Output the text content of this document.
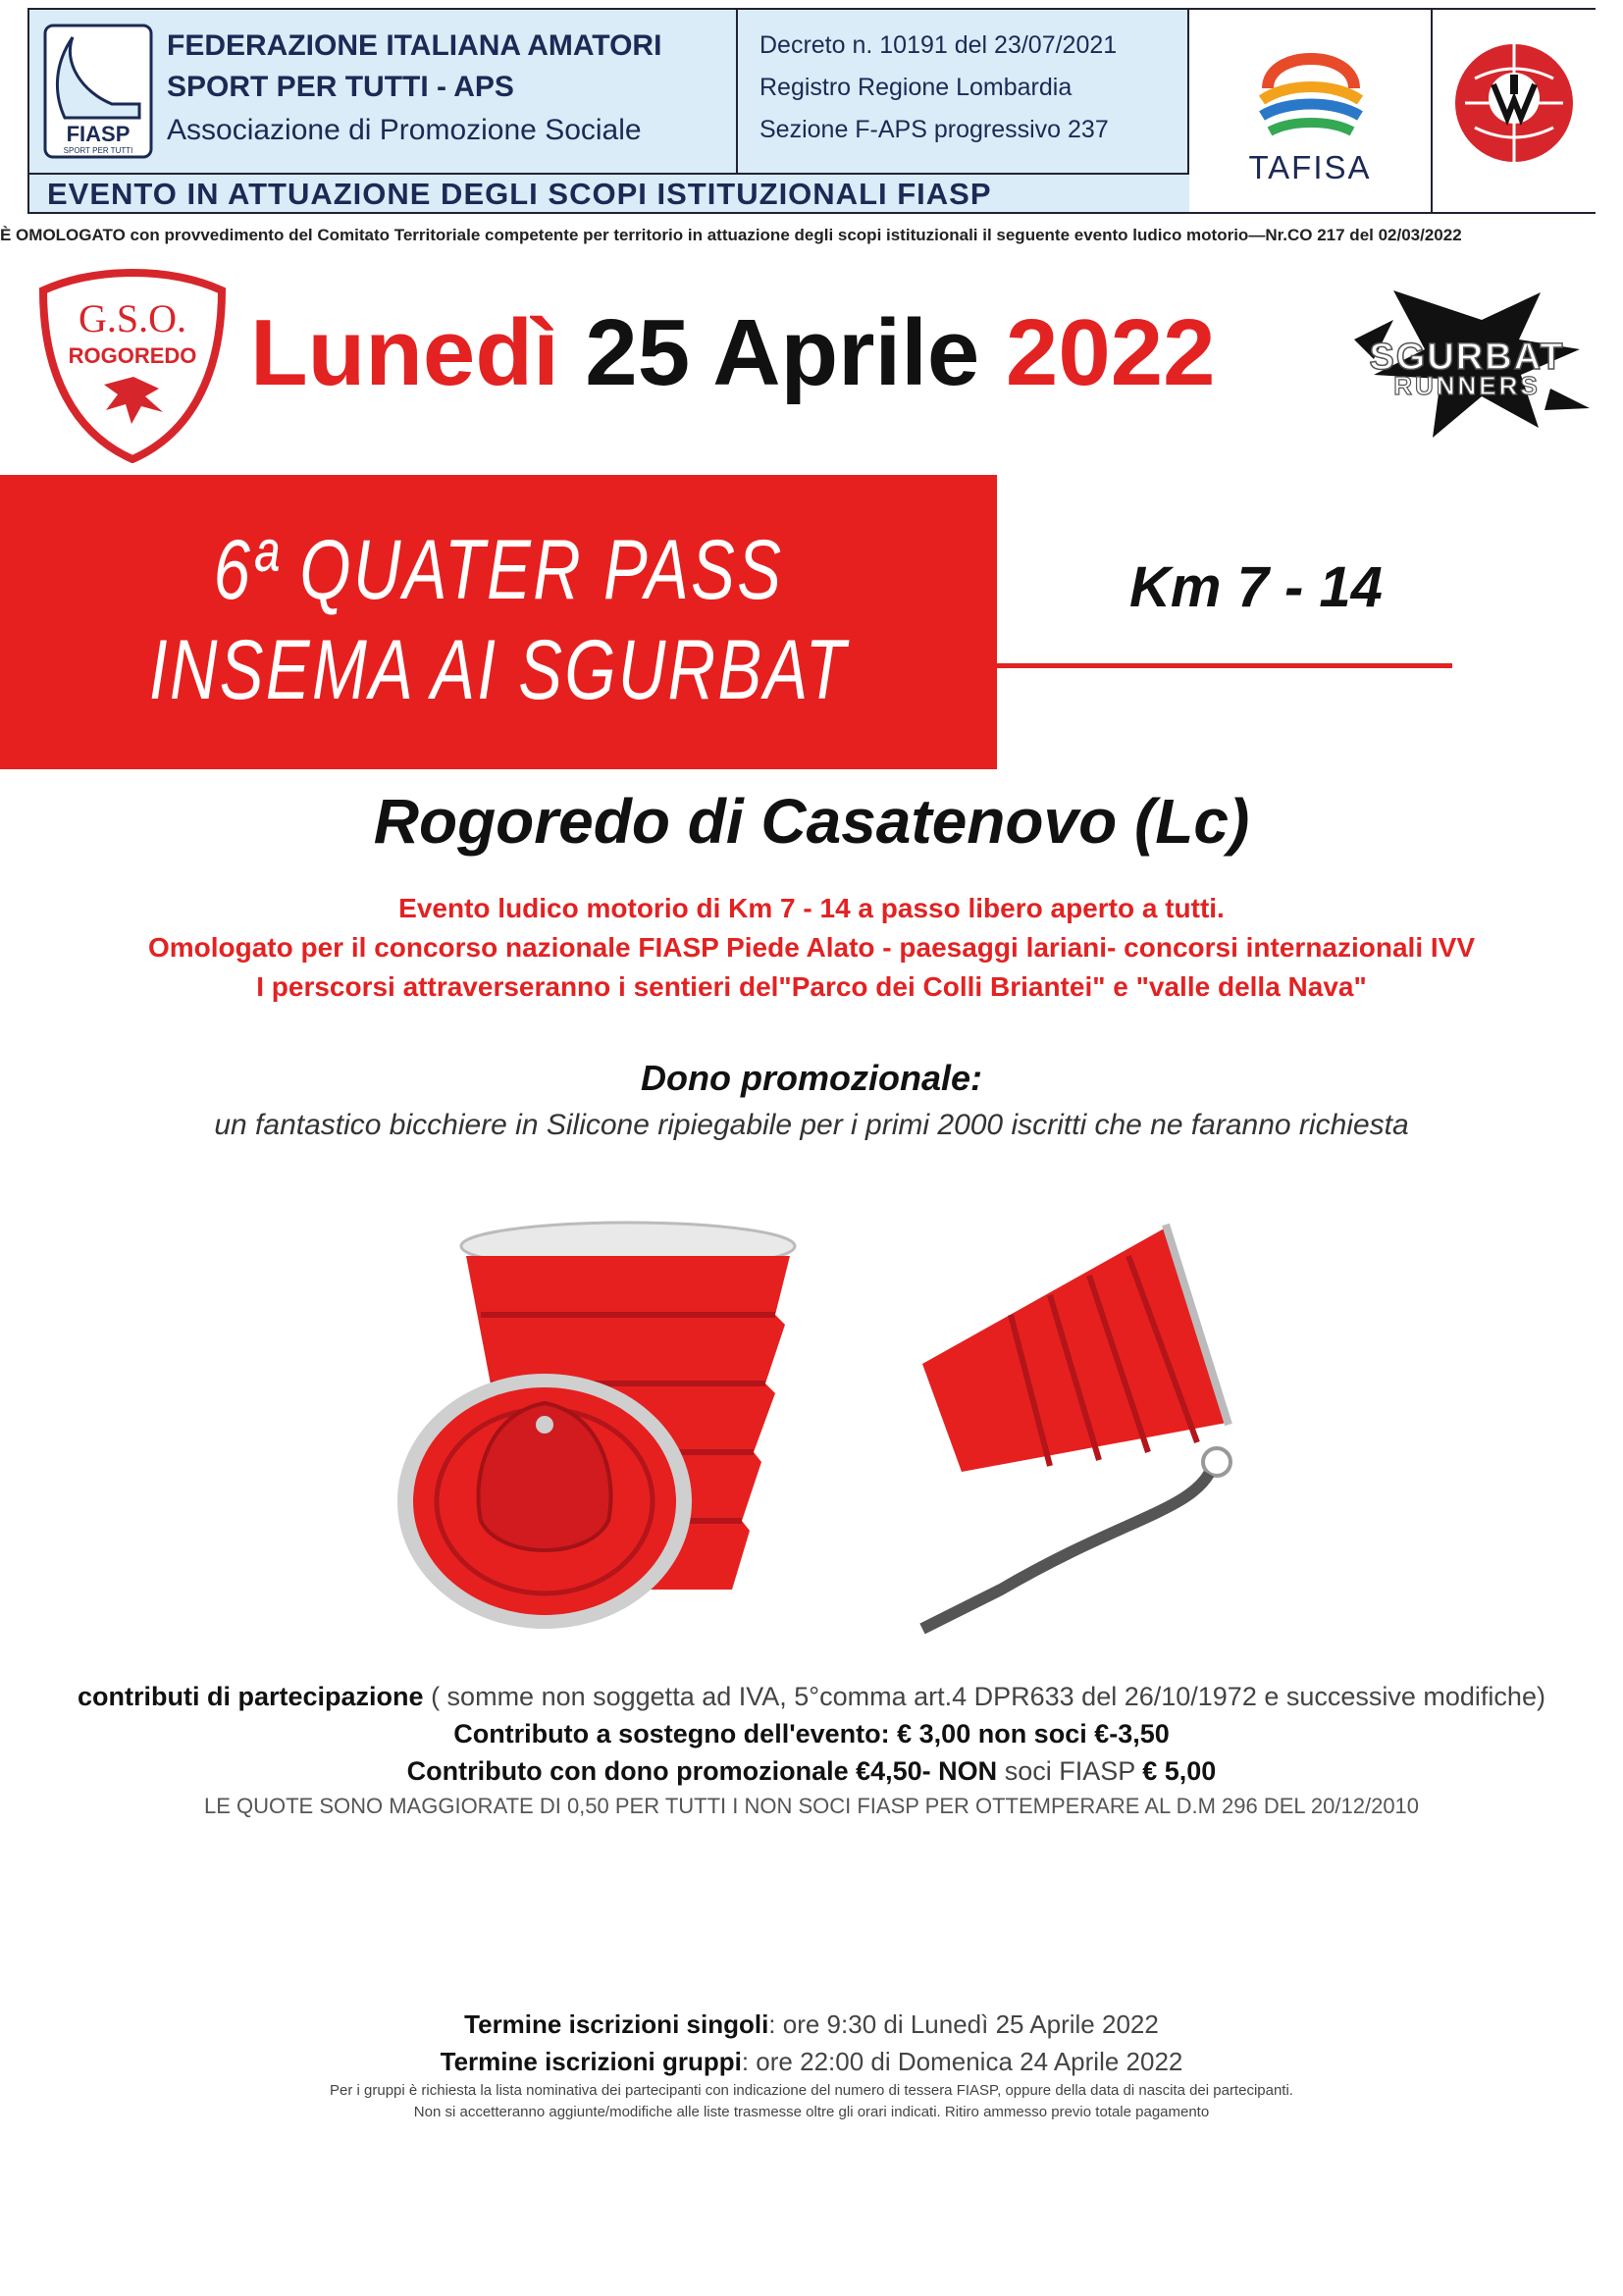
FIASP
SPORT PER TUTTI
FEDERAZIONE ITALIANA AMATORI
SPORT PER TUTTI - APS
Associazione di Promozione Sociale
Decreto n. 10191 del 23/07/2021
Registro Regione Lombardia
Sezione F-APS progressivo 237
TAFISA
EVENTO IN ATTUAZIONE DEGLI SCOPI ISTITUZIONALI FIASP
È OMOLOGATO con provvedimento del Comitato Territoriale competente per territorio in attuazione degli scopi istituzionali il seguente evento ludico motorio—Nr.CO 217 del 02/03/2022
G.S.O.
ROGOREDO Lunedì 25 Aprile 2022	SGURBAT
RUNNERS
6ª QUATER PASS
INSEMA AI SGURBAT
Km 7 - 14
Rogoredo di Casatenovo (Lc)
Evento ludico motorio di Km 7 - 14 a passo libero aperto a tutti.
Omologato per il concorso nazionale FIASP Piede Alato - paesaggi lariani- concorsi internazionali IVV
I perscorsi attraverseranno i sentieri del"Parco dei Colli Briantei" e "valle della Nava"
Dono promozionale:
un fantastico bicchiere in Silicone ripiegabile per i primi 2000 iscritti che ne faranno richiesta
contributi di partecipazione ( somme non soggetta ad IVA, 5°comma art.4 DPR633 del 26/10/1972 e successive modifiche)
Contributo a sostegno dell'evento: € 3,00 non soci €-3,50
Contributo con dono promozionale €4,50- NON soci FIASP € 5,00
LE QUOTE SONO MAGGIORATE DI 0,50 PER TUTTI I NON SOCI FIASP PER OTTEMPERARE AL D.M 296 DEL 20/12/2010
Termine iscrizioni singoli: ore 9:30 di Lunedì 25 Aprile 2022
Termine iscrizioni gruppi: ore 22:00 di Domenica 24 Aprile 2022
Per i gruppi è richiesta la lista nominativa dei partecipanti con indicazione del numero di tessera FIASP, oppure della data di nascita dei partecipanti.
Non si accetteranno aggiunte/modifiche alle liste trasmesse oltre gli orari indicati. Ritiro ammesso previo totale pagamento
